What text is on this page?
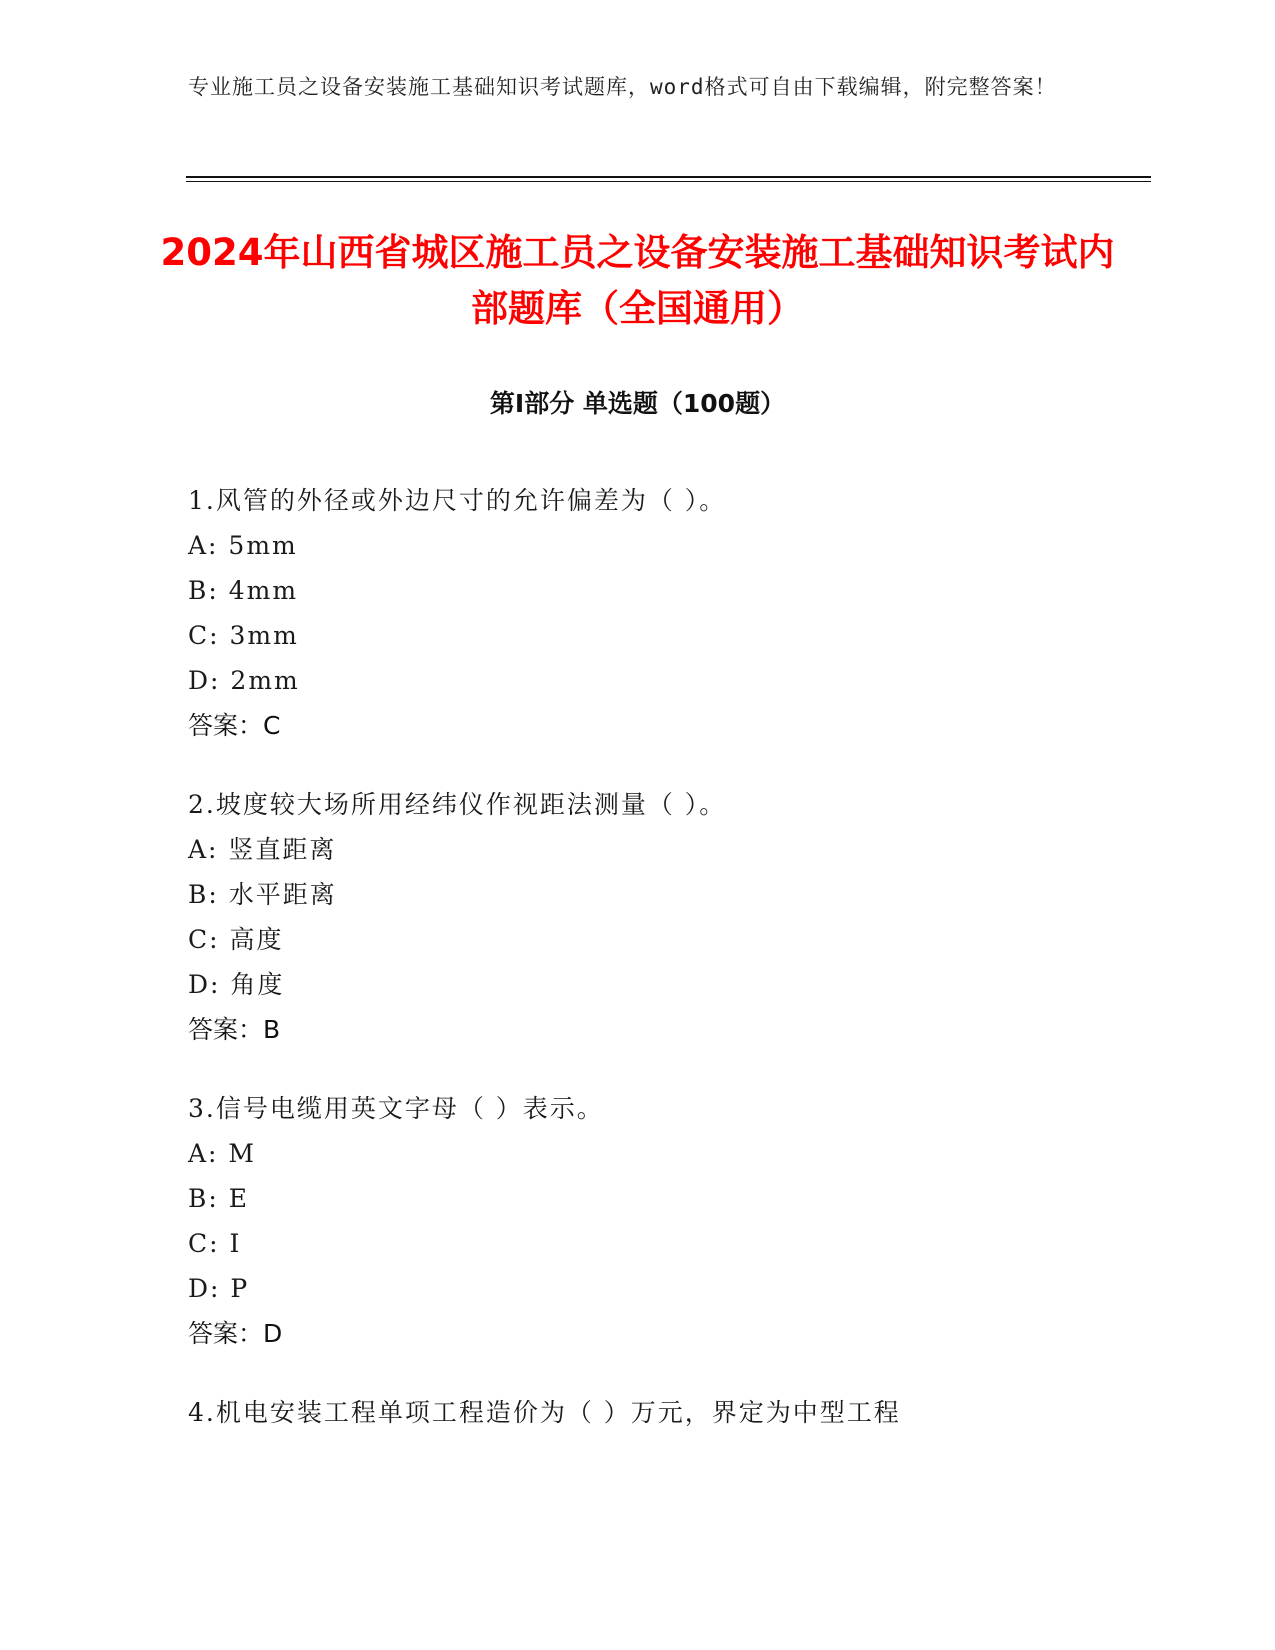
专业施工员之设备安装施工基础知识考试题库，word格式可自由下载编辑，附完整答案！
2024年山西省城区施工员之设备安装施工基础知识考试内部题库（全国通用）
第I部分 单选题（100题）
1.风管的外径或外边尺寸的允许偏差为（ ）。
A: 5mm
B: 4mm
C: 3mm
D: 2mm
答案：C
2.坡度较大场所用经纬仪作视距法测量（ ）。
A: 竖直距离
B: 水平距离
C: 高度
D: 角度
答案：B
3.信号电缆用英文字母（ ）表示。
A: M
B: E
C: I
D: P
答案：D
4.机电安装工程单项工程造价为（ ）万元，界定为中型工程
